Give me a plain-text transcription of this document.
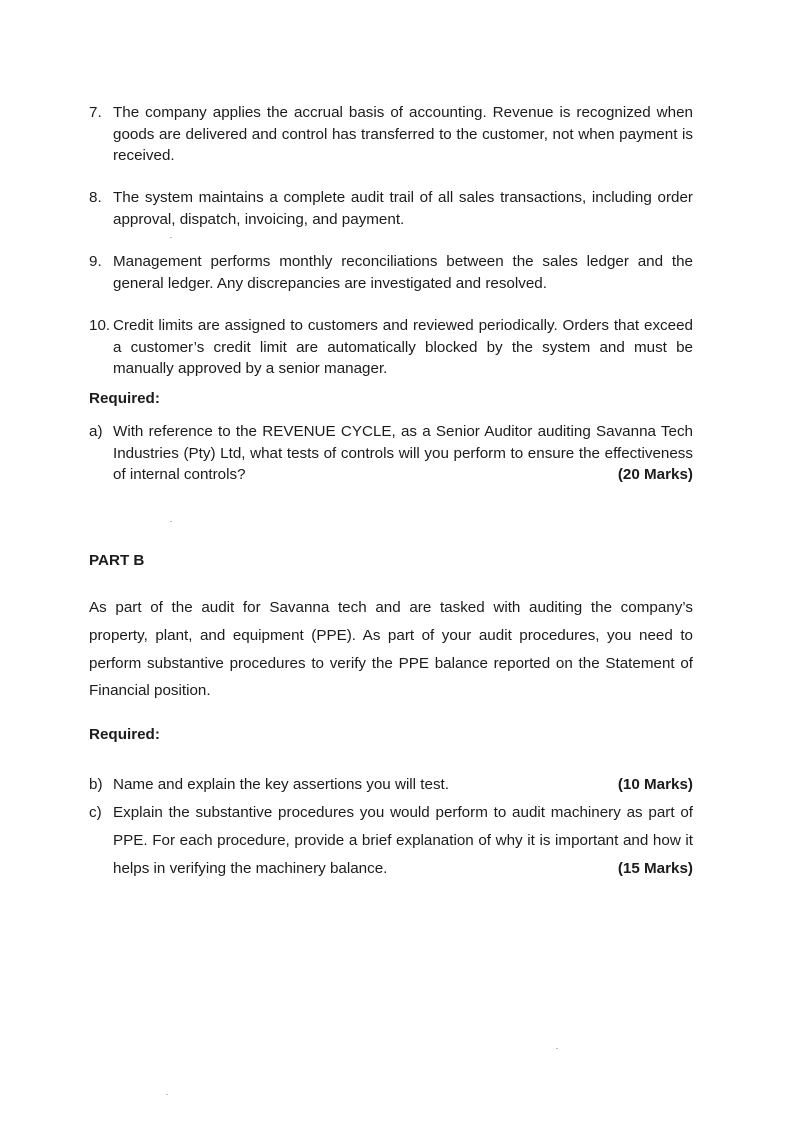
7. The company applies the accrual basis of accounting. Revenue is recognized when goods are delivered and control has transferred to the customer, not when payment is received.
8. The system maintains a complete audit trail of all sales transactions, including order approval, dispatch, invoicing, and payment.
9. Management performs monthly reconciliations between the sales ledger and the general ledger. Any discrepancies are investigated and resolved.
10. Credit limits are assigned to customers and reviewed periodically. Orders that exceed a customer’s credit limit are automatically blocked by the system and must be manually approved by a senior manager.
Required:
a) With reference to the REVENUE CYCLE, as a Senior Auditor auditing Savanna Tech Industries (Pty) Ltd, what tests of controls will you perform to ensure the effectiveness of internal controls?	(20 Marks)
PART B
As part of the audit for Savanna tech and are tasked with auditing the company’s property, plant, and equipment (PPE). As part of your audit procedures, you need to perform substantive procedures to verify the PPE balance reported on the Statement of Financial position.
Required:
b) Name and explain the key assertions you will test.	(10 Marks)
c) Explain the substantive procedures you would perform to audit machinery as part of PPE. For each procedure, provide a brief explanation of why it is important and how it helps in verifying the machinery balance.	(15 Marks)
